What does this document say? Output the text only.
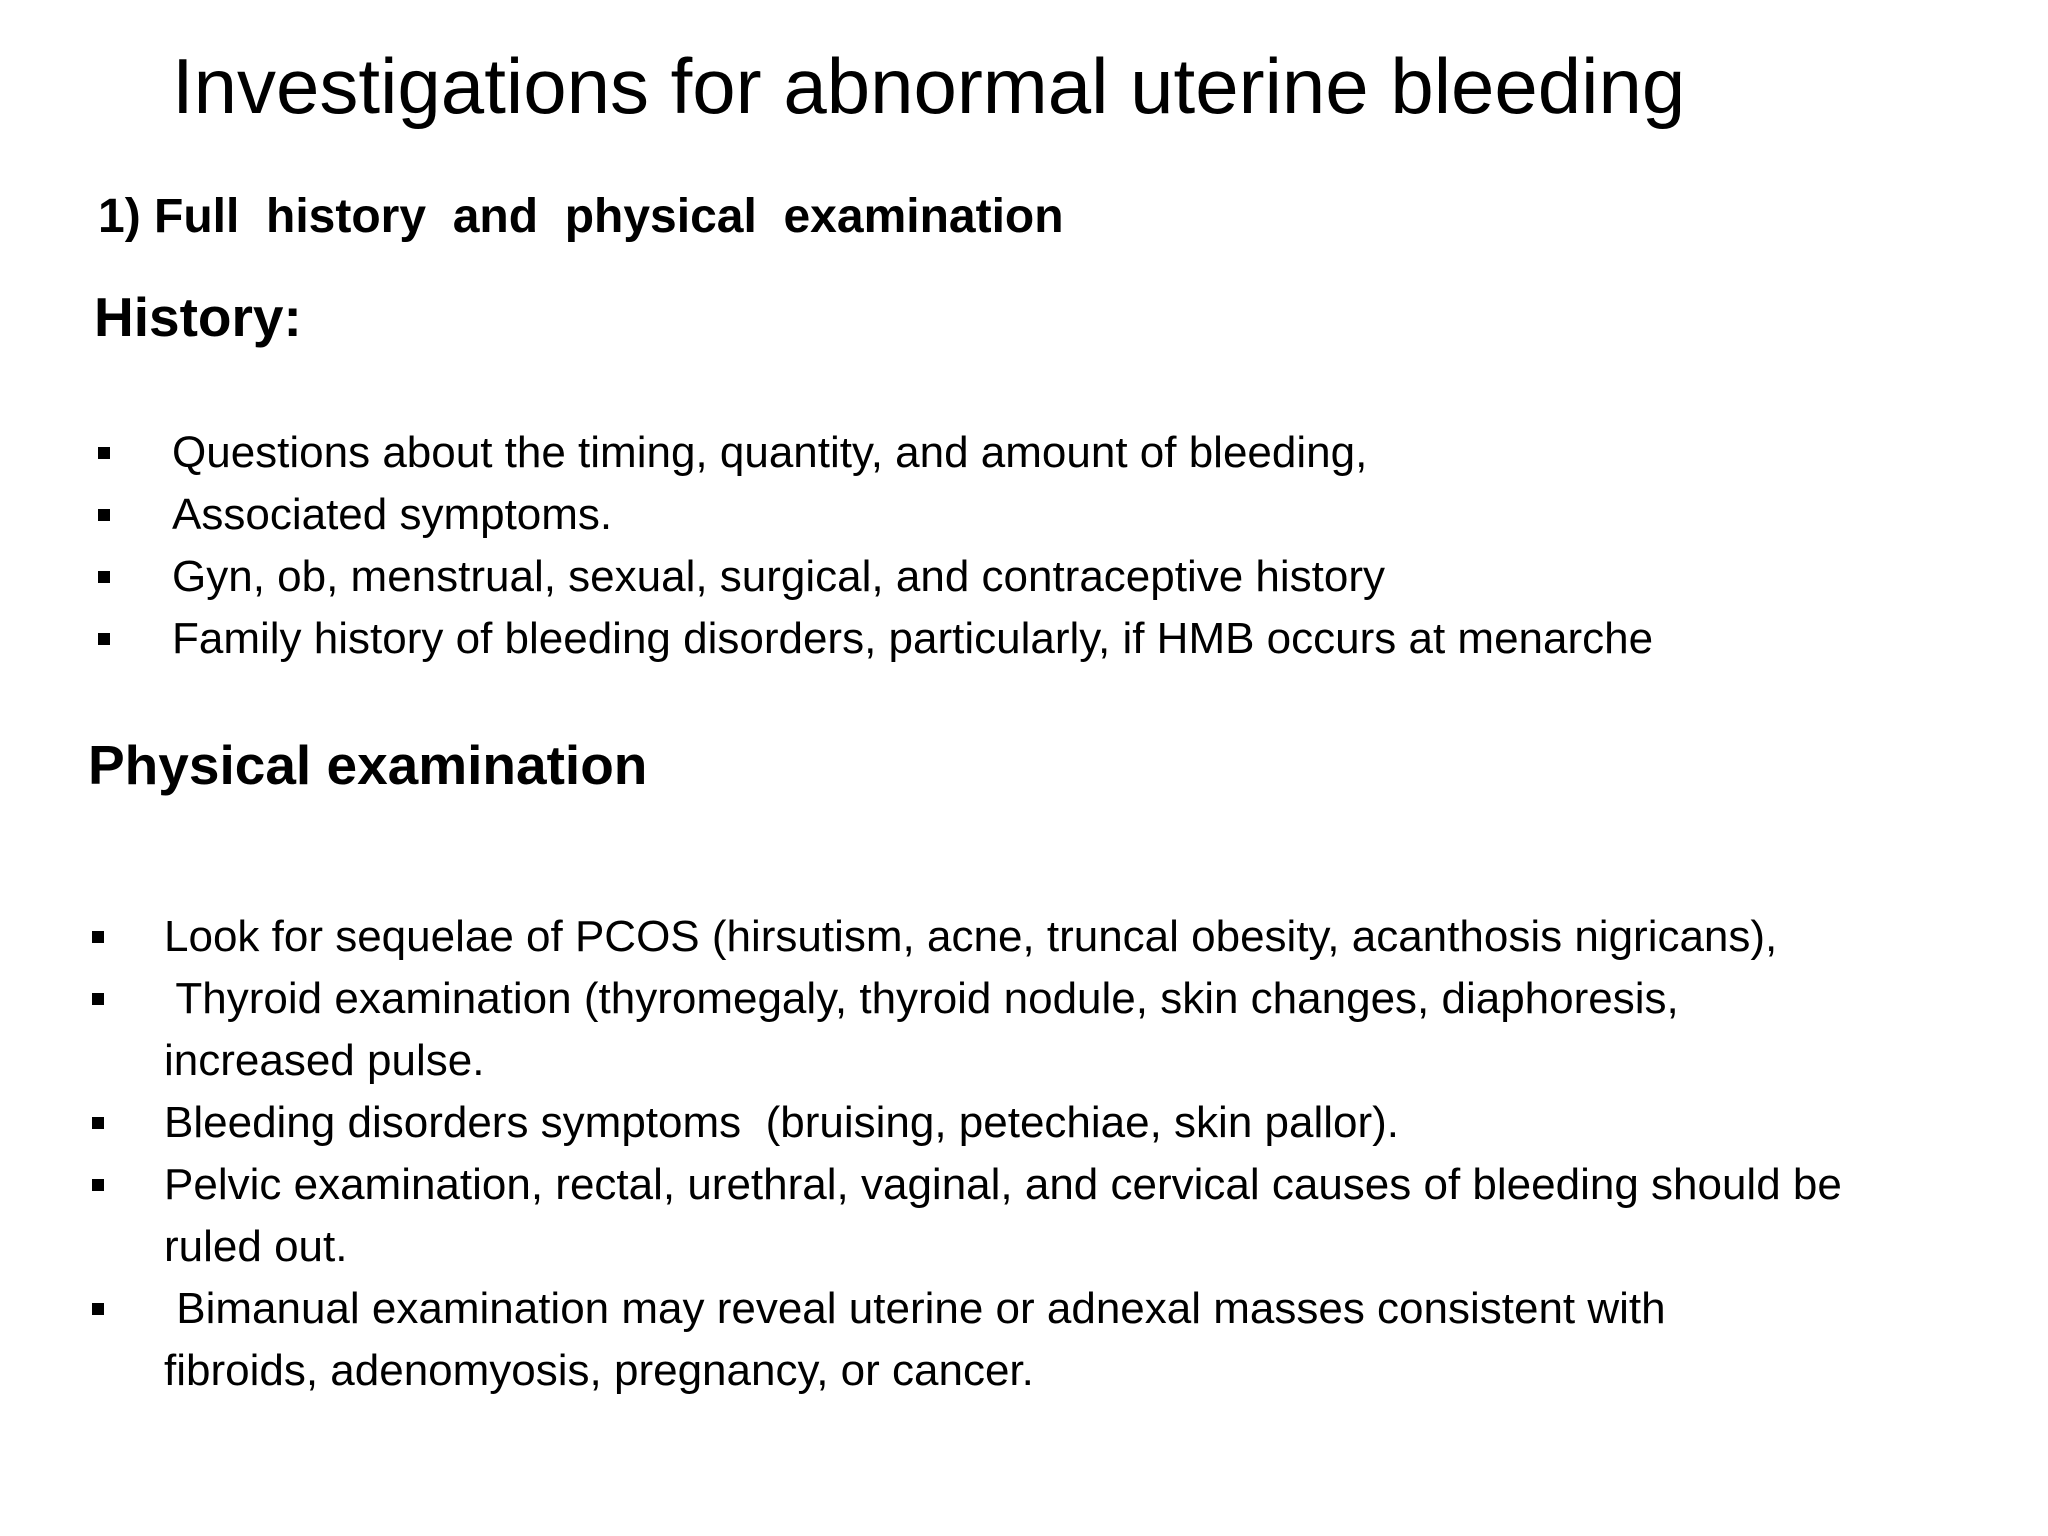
Investigations for abnormal uterine bleeding
1) Full  history  and  physical  examination
History:
Questions about the timing, quantity, and amount of bleeding,
Associated symptoms.
Gyn, ob, menstrual, sexual, surgical, and contraceptive history
Family history of bleeding disorders, particularly, if HMB occurs at menarche
Physical examination
Look for sequelae of PCOS (hirsutism, acne, truncal obesity, acanthosis nigricans),
Thyroid examination (thyromegaly, thyroid nodule, skin changes, diaphoresis,
increased pulse.
Bleeding disorders symptoms  (bruising, petechiae, skin pallor).
Pelvic examination, rectal, urethral, vaginal, and cervical causes of bleeding should be
ruled out.
Bimanual examination may reveal uterine or adnexal masses consistent with
fibroids, adenomyosis, pregnancy, or cancer.
